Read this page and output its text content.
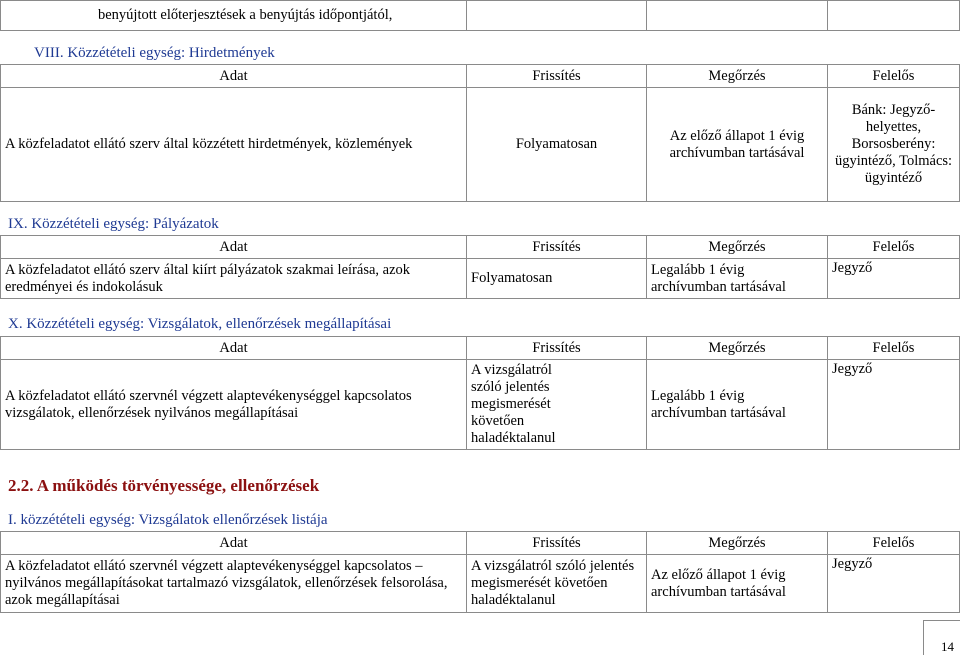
benyújtott előterjesztések a benyújtás időpontjától,			
VIII. Közzétételi egység: Hirdetmények
Adat	Frissítés	Megőrzés	Felelős
A közfeladatot ellátó szerv által közzétett hirdetmények, közlemények	Folyamatosan	Az előző állapot 1 évig archívumban tartásával	Bánk: Jegyző-helyettes, Borsosberény: ügyintéző, Tolmács: ügyintéző
IX. Közzétételi egység: Pályázatok
Adat	Frissítés	Megőrzés	Felelős
A közfeladatot ellátó szerv által kiírt pályázatok szakmai leírása, azok eredményei és indokolásuk	Folyamatosan	Legalább 1 évig archívumban tartásával	Jegyző
X. Közzétételi egység: Vizsgálatok, ellenőrzések megállapításai
Adat	Frissítés	Megőrzés	Felelős
A közfeladatot ellátó szervnél végzett alaptevékenységgel kapcsolatos vizsgálatok, ellenőrzések nyilvános megállapításai	A vizsgálatról szóló jelentés megismerését követően haladéktalanul	Legalább 1 évig archívumban tartásával	Jegyző
2.2. A működés törvényessége, ellenőrzések
I. közzétételi egység: Vizsgálatok ellenőrzések listája
Adat	Frissítés	Megőrzés	Felelős
A közfeladatot ellátó szervnél végzett alaptevékenységgel kapcsolatos – nyilvános megállapításokat tartalmazó vizsgálatok, ellenőrzések felsorolása, azok megállapításai	A vizsgálatról szóló jelentés megismerését követően haladéktalanul	Az előző állapot 1 évig archívumban tartásával	Jegyző
14
